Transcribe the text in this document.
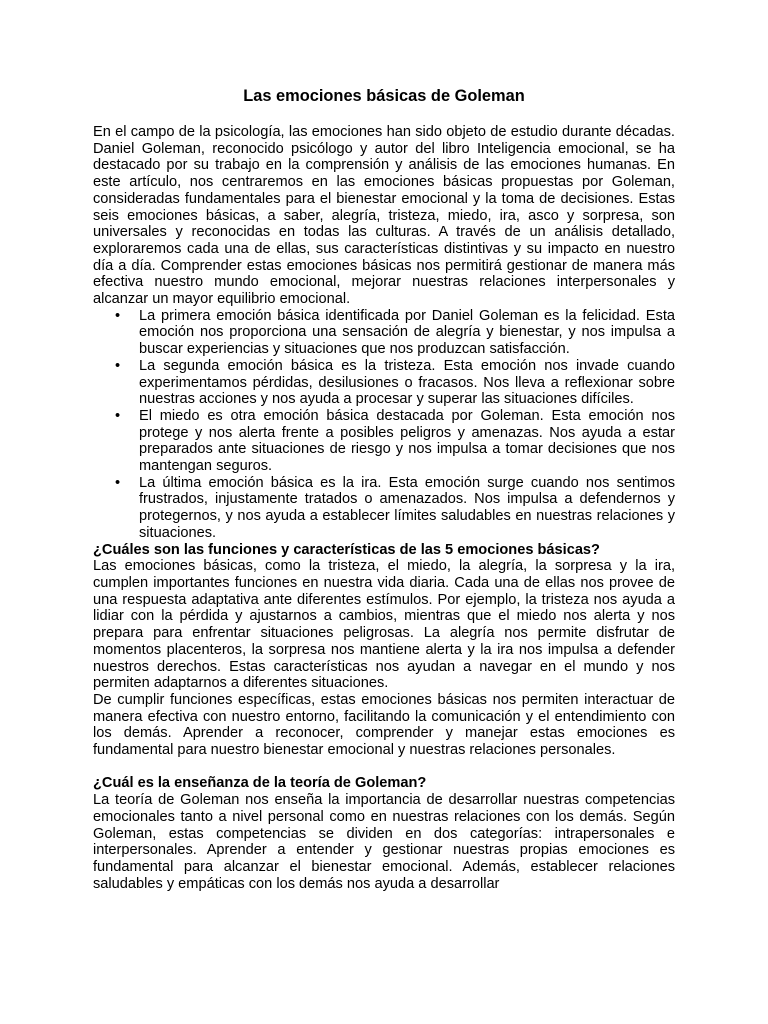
Las emociones básicas de Goleman

En el campo de la psicología, las emociones han sido objeto de estudio durante décadas. Daniel Goleman, reconocido psicólogo y autor del libro Inteligencia emocional, se ha destacado por su trabajo en la comprensión y análisis de las emociones humanas. En este artículo, nos centraremos en las emociones básicas propuestas por Goleman, consideradas fundamentales para el bienestar emocional y la toma de decisiones. Estas seis emociones básicas, a saber, alegría, tristeza, miedo, ira, asco y sorpresa, son universales y reconocidas en todas las culturas. A través de un análisis detallado, exploraremos cada una de ellas, sus características distintivas y su impacto en nuestro día a día. Comprender estas emociones básicas nos permitirá gestionar de manera más efectiva nuestro mundo emocional, mejorar nuestras relaciones interpersonales y alcanzar un mayor equilibrio emocional.

• La primera emoción básica identificada por Daniel Goleman es la felicidad. Esta emoción nos proporciona una sensación de alegría y bienestar, y nos impulsa a buscar experiencias y situaciones que nos produzcan satisfacción.
• La segunda emoción básica es la tristeza. Esta emoción nos invade cuando experimentamos pérdidas, desilusiones o fracasos. Nos lleva a reflexionar sobre nuestras acciones y nos ayuda a procesar y superar las situaciones difíciles.
• El miedo es otra emoción básica destacada por Goleman. Esta emoción nos protege y nos alerta frente a posibles peligros y amenazas. Nos ayuda a estar preparados ante situaciones de riesgo y nos impulsa a tomar decisiones que nos mantengan seguros.
• La última emoción básica es la ira. Esta emoción surge cuando nos sentimos frustrados, injustamente tratados o amenazados. Nos impulsa a defendernos y protegernos, y nos ayuda a establecer límites saludables en nuestras relaciones y situaciones.
¿Cuáles son las funciones y características de las 5 emociones básicas?

Las emociones básicas, como la tristeza, el miedo, la alegría, la sorpresa y la ira, cumplen importantes funciones en nuestra vida diaria. Cada una de ellas nos provee de una respuesta adaptativa ante diferentes estímulos. Por ejemplo, la tristeza nos ayuda a lidiar con la pérdida y ajustarnos a cambios, mientras que el miedo nos alerta y nos prepara para enfrentar situaciones peligrosas. La alegría nos permite disfrutar de momentos placenteros, la sorpresa nos mantiene alerta y la ira nos impulsa a defender nuestros derechos. Estas características nos ayudan a navegar en el mundo y nos permiten adaptarnos a diferentes situaciones.

De cumplir funciones específicas, estas emociones básicas nos permiten interactuar de manera efectiva con nuestro entorno, facilitando la comunicación y el entendimiento con los demás. Aprender a reconocer, comprender y manejar estas emociones es fundamental para nuestro bienestar emocional y nuestras relaciones personales.

¿Cuál es la enseñanza de la teoría de Goleman?

La teoría de Goleman nos enseña la importancia de desarrollar nuestras competencias emocionales tanto a nivel personal como en nuestras relaciones con los demás. Según Goleman, estas competencias se dividen en dos categorías: intrapersonales e interpersonales. Aprender a entender y gestionar nuestras propias emociones es fundamental para alcanzar el bienestar emocional. Además, establecer relaciones saludables y empáticas con los demás nos ayuda a desarrollar
